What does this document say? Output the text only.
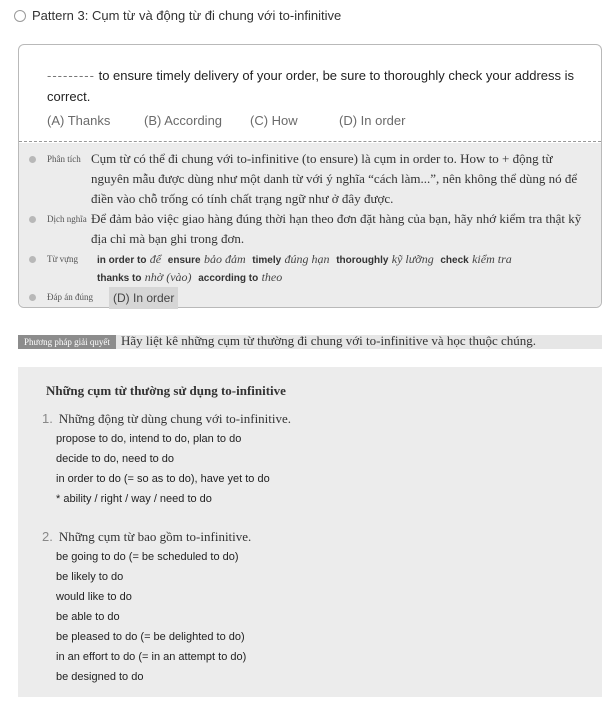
Pattern 3: Cụm từ và động từ đi chung với to-infinitive
--------- to ensure timely delivery of your order, be sure to thoroughly check your address is correct.
(A) Thanks	(B) According (C) How	(D) In order
Phân tích Cụm từ có thể đi chung với to-infinitive (to ensure) là cụm in order to. How to + động từ
nguyên mẫu được dùng như một danh từ với ý nghĩa “cách làm...”, nên không thể dùng nó để
điền vào chỗ trống có tính chất trạng ngữ như ở đây được.
Dịch nghĩa Để đảm bảo việc giao hàng đúng thời hạn theo đơn đặt hàng của bạn, hãy nhớ kiểm tra thật kỹ
địa chỉ mà bạn ghi trong đơn.
Từ vựng in order to để ensure bảo đảm timely đúng hạn thoroughly kỹ lưỡng check kiểm tra
thanks to nhờ (vào) according to theo
Đáp án đúng	(D) In order
Phương pháp giải quyết Hãy liệt kê những cụm từ thường đi chung với to-infinitive và học thuộc chúng.
Những cụm từ thường sử dụng to-infinitive
1. Những động từ dùng chung với to-infinitive.
propose to do, intend to do, plan to do
decide to do, need to do
in order to do (= so as to do), have yet to do
* ability / right / way / need to do
2. Những cụm từ bao gồm to-infinitive.
be going to do (= be scheduled to do)
be likely to do
would like to do
be able to do
be pleased to do (= be delighted to do)
in an effort to do (= in an attempt to do)
be designed to do
